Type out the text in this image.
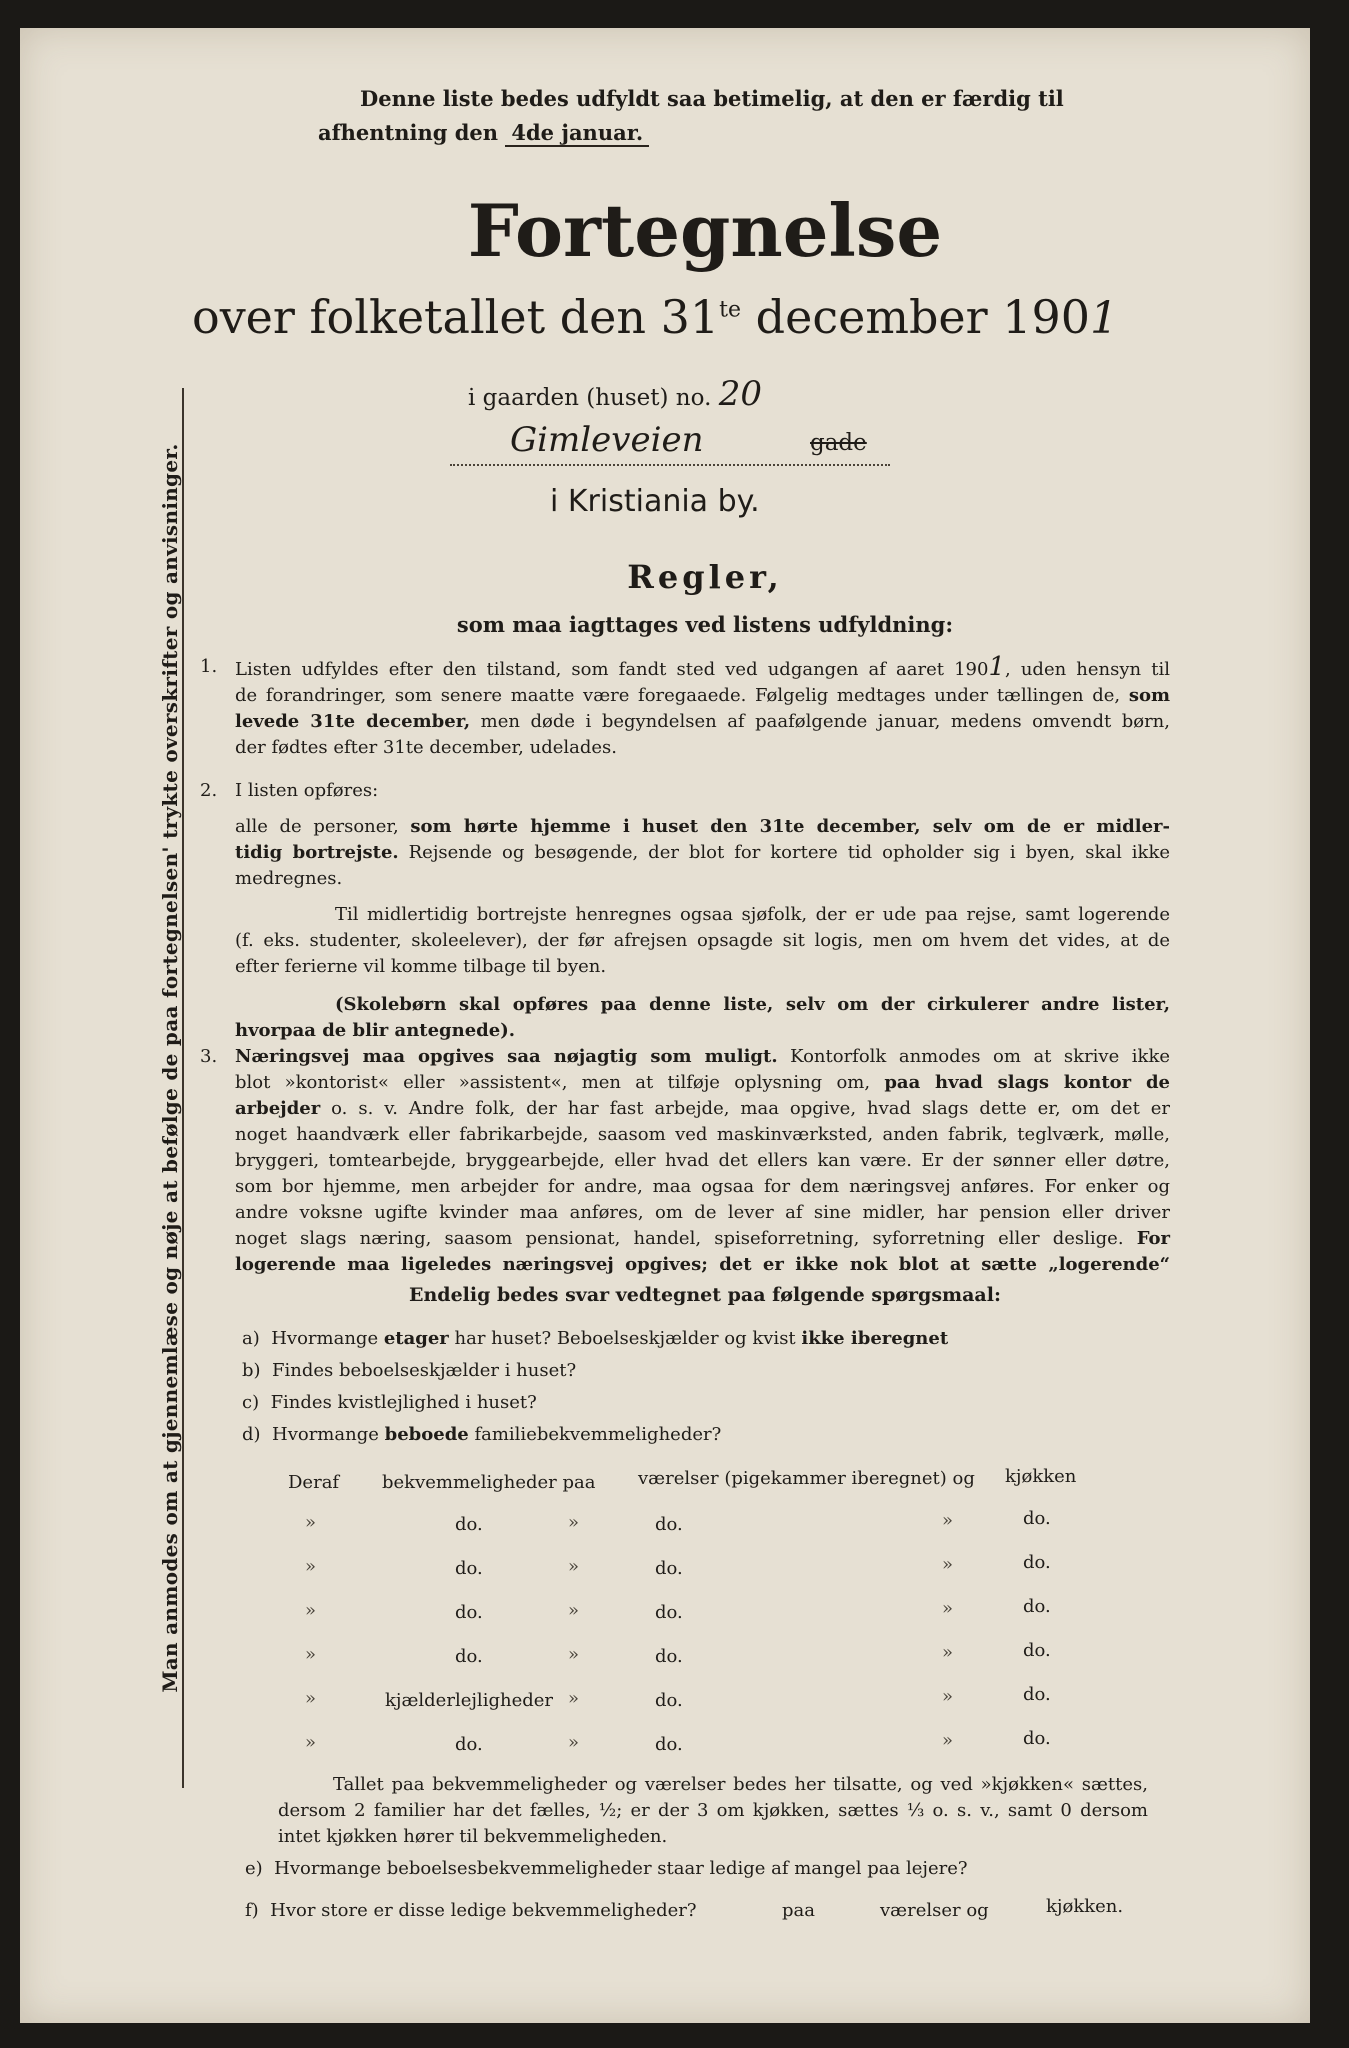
Man anmodes om at gjennemlæse og nøje at befølge de paa fortegnelsen' trykte overskrifter og anvisninger.
Denne liste bedes udfyldt saa betimelig, at den er færdig til
afhentning den 4de januar.
Fortegnelse
over folketallet den $31^{te}$ december 1901
i gaarden (huset) no. 20
Gimleveien	gade
i Kristiania by.
Regler,
som maa iagttages ved listens udfyldning:
1. Listen udfyldes efter den tilstand, som fandt sted ved udgangen af aaret 1901, uden hensyn til
de forandringer, som senere maatte være foregaaede. Følgelig medtages under tællingen de, som
levede 31te december, men døde i begyndelsen af paafølgende januar, medens omvendt børn,
der fødtes efter 31te december, udelades.
2. I listen opføres:
alle de personer, som hørte hjemme i huset den 31te december, selv om de er midler-
tidig bortrejste. Rejsende og besøgende, der blot for kortere tid opholder sig i byen, skal ikke
medregnes.
Til midlertidig bortrejste henregnes ogsaa sjøfolk, der er ude paa rejse, samt logerende
(f. eks. studenter, skoleelever), der før afrejsen opsagde sit logis, men om hvem det vides, at de
efter ferierne vil komme tilbage til byen.
(Skolebørn skal opføres paa denne liste, selv om der cirkulerer andre lister,
hvorpaa de blir antegnede).
3. Næringsvej maa opgives saa nøjagtig som muligt. Kontorfolk anmodes om at skrive ikke
blot »kontorist« eller »assistent«, men at tilføje oplysning om, paa hvad slags kontor de
arbejder o. s. v. Andre folk, der har fast arbejde, maa opgive, hvad slags dette er, om det er
noget haandværk eller fabrikarbejde, saasom ved maskinværksted, anden fabrik, teglværk, mølle,
bryggeri, tomtearbejde, bryggearbejde, eller hvad det ellers kan være. Er der sønner eller døtre,
som bor hjemme, men arbejder for andre, maa ogsaa for dem næringsvej anføres. For enker og
andre voksne ugifte kvinder maa anføres, om de lever af sine midler, har pension eller driver
noget slags næring, saasom pensionat, handel, spiseforretning, syforretning eller deslige. For
logerende maa ligeledes næringsvej opgives; det er ikke nok blot at sætte „logerende“
Endelig bedes svar vedtegnet paa følgende spørgsmaal:
a) Hvormange etager har huset? Beboelseskjælder og kvist ikke iberegnet
b) Findes beboelseskjælder i huset?
c) Findes kvistlejlighed i huset?
d) Hvormange beboede familiebekvemmeligheder?
Deraf bekvemmeligheder paa værelser (pigekammer iberegnet) og kjøkken
»	do.	»	do.	»	do.
»	do.	»	do.	»	do.
»	do.	»	do.	»	do.
»	do.	»	do.	»	do.
»	kjælderlejligheder »	do.	»	do.
»	do.	»	do.	»	do.
Tallet paa bekvemmeligheder og værelser bedes her tilsatte, og ved »kjøkken« sættes,
dersom 2 familier har det fælles, ½; er der 3 om kjøkken, sættes ⅓ o. s. v., samt 0 dersom
intet kjøkken hører til bekvemmeligheden.
e) Hvormange beboelsesbekvemmeligheder staar ledige af mangel paa lejere?
f) Hvor store er disse ledige bekvemmeligheder?	paa	værelser og	kjøkken.
